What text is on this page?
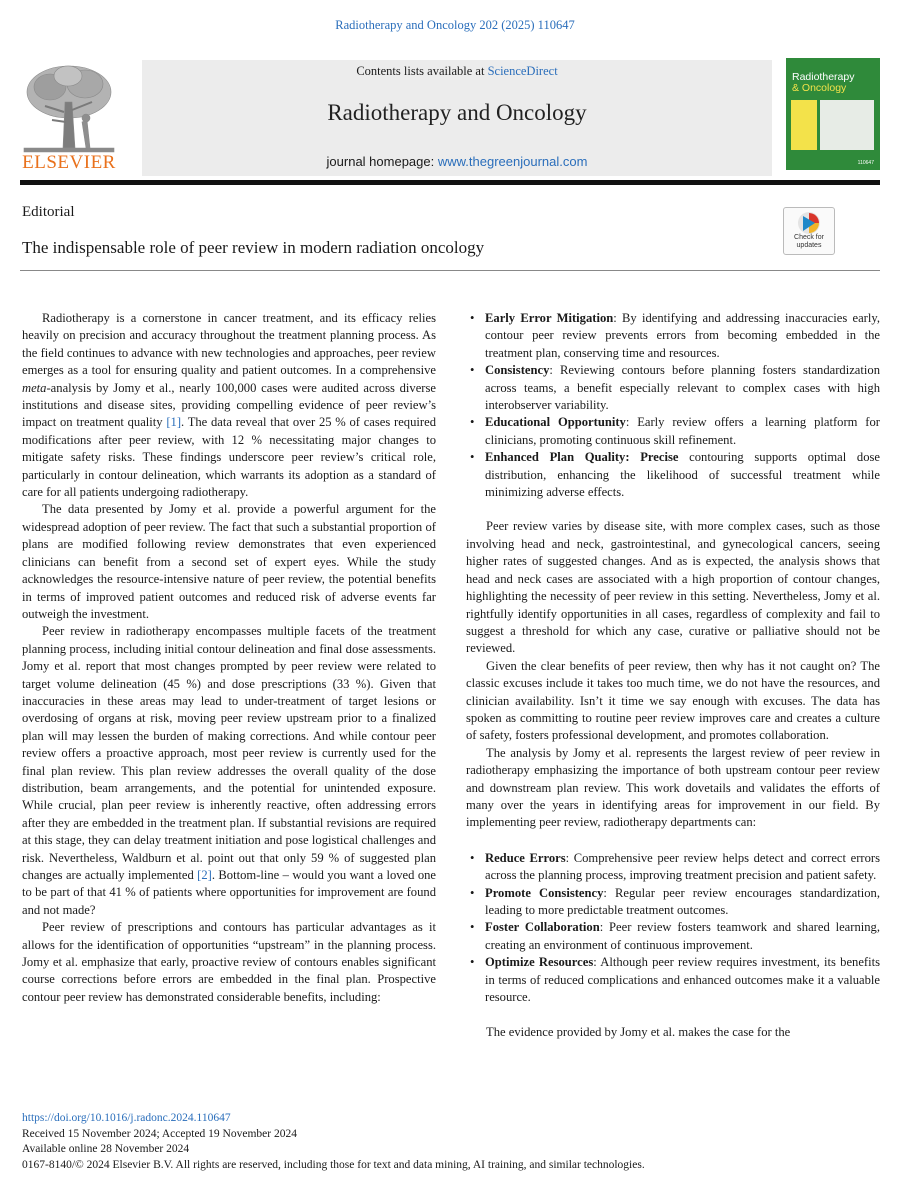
Radiotherapy and Oncology 202 (2025) 110647
ELSEVIER
Contents lists available at ScienceDirect
Radiotherapy and Oncology
journal homepage: www.thegreenjournal.com
Radiotherapy
& Oncology
110647
Editorial
The indispensable role of peer review in modern radiation oncology
Check for
updates

Radiotherapy is a cornerstone in cancer treatment, and its efficacy relies heavily on precision and accuracy throughout the treatment planning process. As the field continues to advance with new technologies and approaches, peer review emerges as a tool for ensuring quality and patient outcomes. In a comprehensive meta-analysis by Jomy et al., nearly 100,000 cases were audited across diverse institutions and disease sites, providing compelling evidence of peer review’s impact on treatment quality [1]. The data reveal that over 25 % of cases required modifications after peer review, with 12 % necessitating major changes to mitigate safety risks. These findings underscore peer review’s critical role, particularly in contour delineation, which warrants its adoption as a standard of care for all patients undergoing radiotherapy.

The data presented by Jomy et al. provide a powerful argument for the widespread adoption of peer review. The fact that such a substantial proportion of plans are modified following review demonstrates that even experienced clinicians can benefit from a second set of expert eyes. While the study acknowledges the resource-intensive nature of peer review, the potential benefits in terms of improved patient outcomes and reduced risk of adverse events far outweigh the investment.

Peer review in radiotherapy encompasses multiple facets of the treatment planning process, including initial contour delineation and final dose assessments. Jomy et al. report that most changes prompted by peer review were related to target volume delineation (45 %) and dose prescriptions (33 %). Given that inaccuracies in these areas may lead to under-treatment of target lesions or overdosing of organs at risk, moving peer review upstream prior to a finalized plan will may lessen the burden of making corrections. And while contour peer review offers a proactive approach, most peer review is currently used for the final plan review. This plan review addresses the overall quality of the dose distribution, beam arrangements, and the potential for unintended exposure. While crucial, plan peer review is inherently reactive, often addressing errors after they are embedded in the treatment plan. If substantial revisions are required at this stage, they can delay treatment initiation and pose logistical challenges and risk. Nevertheless, Waldburn et al. point out that only 59 % of suggested plan changes are actually implemented [2]. Bottom-line – would you want a loved one to be part of that 41 % of patients where opportunities for improvement are found and not made?

Peer review of prescriptions and contours has particular advantages as it allows for the identification of opportunities “upstream” in the planning process. Jomy et al. emphasize that early, proactive review of contours enables significant course corrections before errors are embedded in the final plan. Prospective contour peer review has demonstrated considerable benefits, including:

• Early Error Mitigation: By identifying and addressing inaccuracies early, contour peer review prevents errors from becoming embedded in the treatment plan, conserving time and resources.
• Consistency: Reviewing contours before planning fosters standardization across teams, a benefit especially relevant to complex cases with high interobserver variability.
• Educational Opportunity: Early review offers a learning platform for clinicians, promoting continuous skill refinement.
• Enhanced Plan Quality: Precise contouring supports optimal dose distribution, enhancing the likelihood of successful treatment while minimizing adverse effects.

Peer review varies by disease site, with more complex cases, such as those involving head and neck, gastrointestinal, and gynecological cancers, seeing higher rates of suggested changes. And as is expected, the analysis shows that head and neck cases are associated with a high proportion of contour changes, highlighting the necessity of peer review in this setting. Nevertheless, Jomy et al. rightfully identify opportunities in all cases, regardless of complexity and fail to suggest a threshold for which any case, curative or palliative should not be reviewed.

Given the clear benefits of peer review, then why has it not caught on? The classic excuses include it takes too much time, we do not have the resources, and clinician availability. Isn’t it time we say enough with excuses. The data has spoken as committing to routine peer review improves care and creates a culture of safety, fosters professional development, and promotes collaboration.

The analysis by Jomy et al. represents the largest review of peer review in radiotherapy emphasizing the importance of both upstream contour peer review and downstream plan review. This work dovetails and validates the efforts of many over the years in identifying areas for improvement in our field. By implementing peer review, radiotherapy departments can:

• Reduce Errors: Comprehensive peer review helps detect and correct errors across the planning process, improving treatment precision and patient safety.
• Promote Consistency: Regular peer review encourages standardization, leading to more predictable treatment outcomes.
• Foster Collaboration: Peer review fosters teamwork and shared learning, creating an environment of continuous improvement.
• Optimize Resources: Although peer review requires investment, its benefits in terms of reduced complications and enhanced outcomes make it a valuable resource.

The evidence provided by Jomy et al. makes the case for the

https://doi.org/10.1016/j.radonc.2024.110647
Received 15 November 2024; Accepted 19 November 2024
Available online 28 November 2024
0167-8140/© 2024 Elsevier B.V. All rights are reserved, including those for text and data mining, AI training, and similar technologies.
